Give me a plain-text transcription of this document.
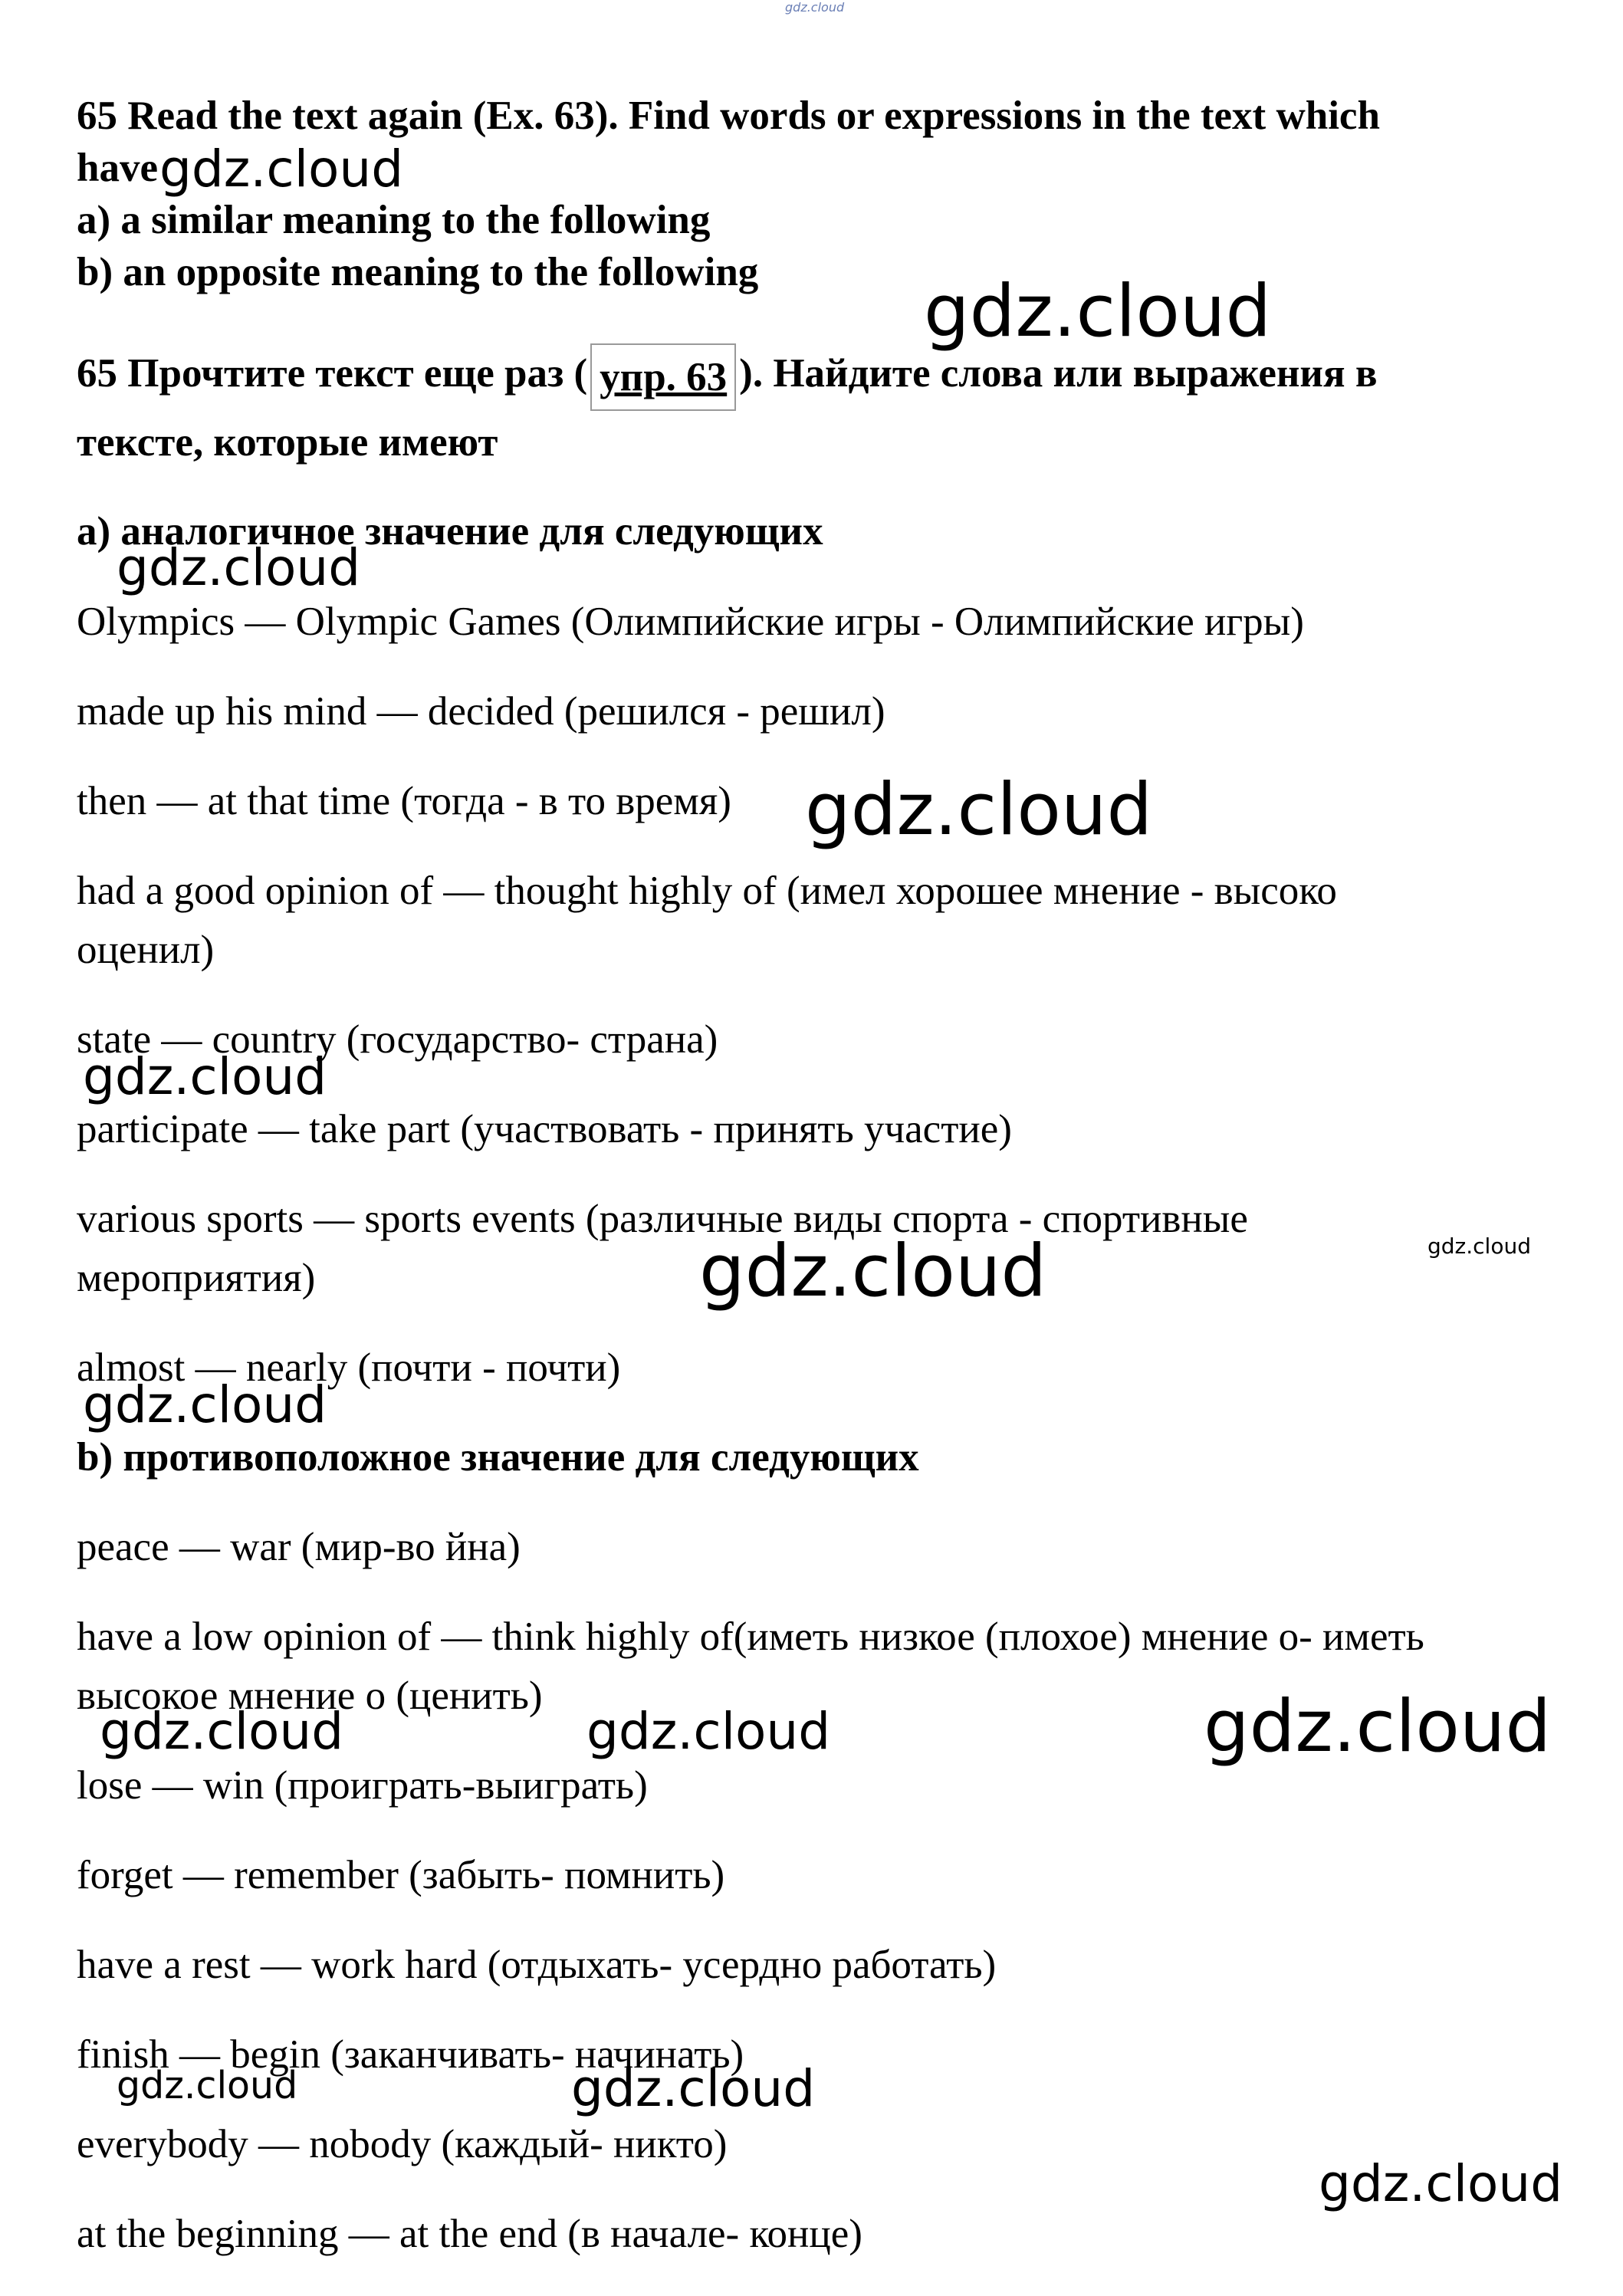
gdz.cloud
65 Read the text again (Ex. 63). Find words or expressions in the text which
have
a) a similar meaning to the following
b) an opposite meaning to the following
65 Прочтите текст еще раз ( упр. 63 ). Найдите слова или выражения в
тексте, которые имеют
a) аналогичное значение для следующих
Olympics — Olympic Games (Олимпийские игры - Олимпийские игры)
made up his mind — decided (решился - решил)
then — at that time (тогда - в то время)
had a good opinion of — thought highly of (имел хорошее мнение - высоко
оценил)
state — country (государство- страна)
participate — take part (участвовать - принять участие)
various sports — sports events (различные виды спорта - спортивные
мероприятия)
almost — nearly (почти - почти)
b) противоположное значение для следующих
peace — war (мир-во йна)
have a low opinion of — think highly of(иметь низкое (плохое) мнение о- иметь
высокое мнение о (ценить)
lose — win (проиграть-выиграть)
forget — remember (забыть- помнить)
have a rest — work hard (отдыхать- усердно работать)
finish — begin (заканчивать- начинать)
everybody — nobody (каждый- никто)
at the beginning — at the end (в начале- конце)
gdz.cloud
gdz.cloud
gdz.cloud
gdz.cloud
gdz.cloud
gdz.cloud
gdz.cloud
gdz.cloud
gdz.cloud	gdz.cloud	gdz.cloud
gdz.cloud	gdz.cloud
gdz.cloud
